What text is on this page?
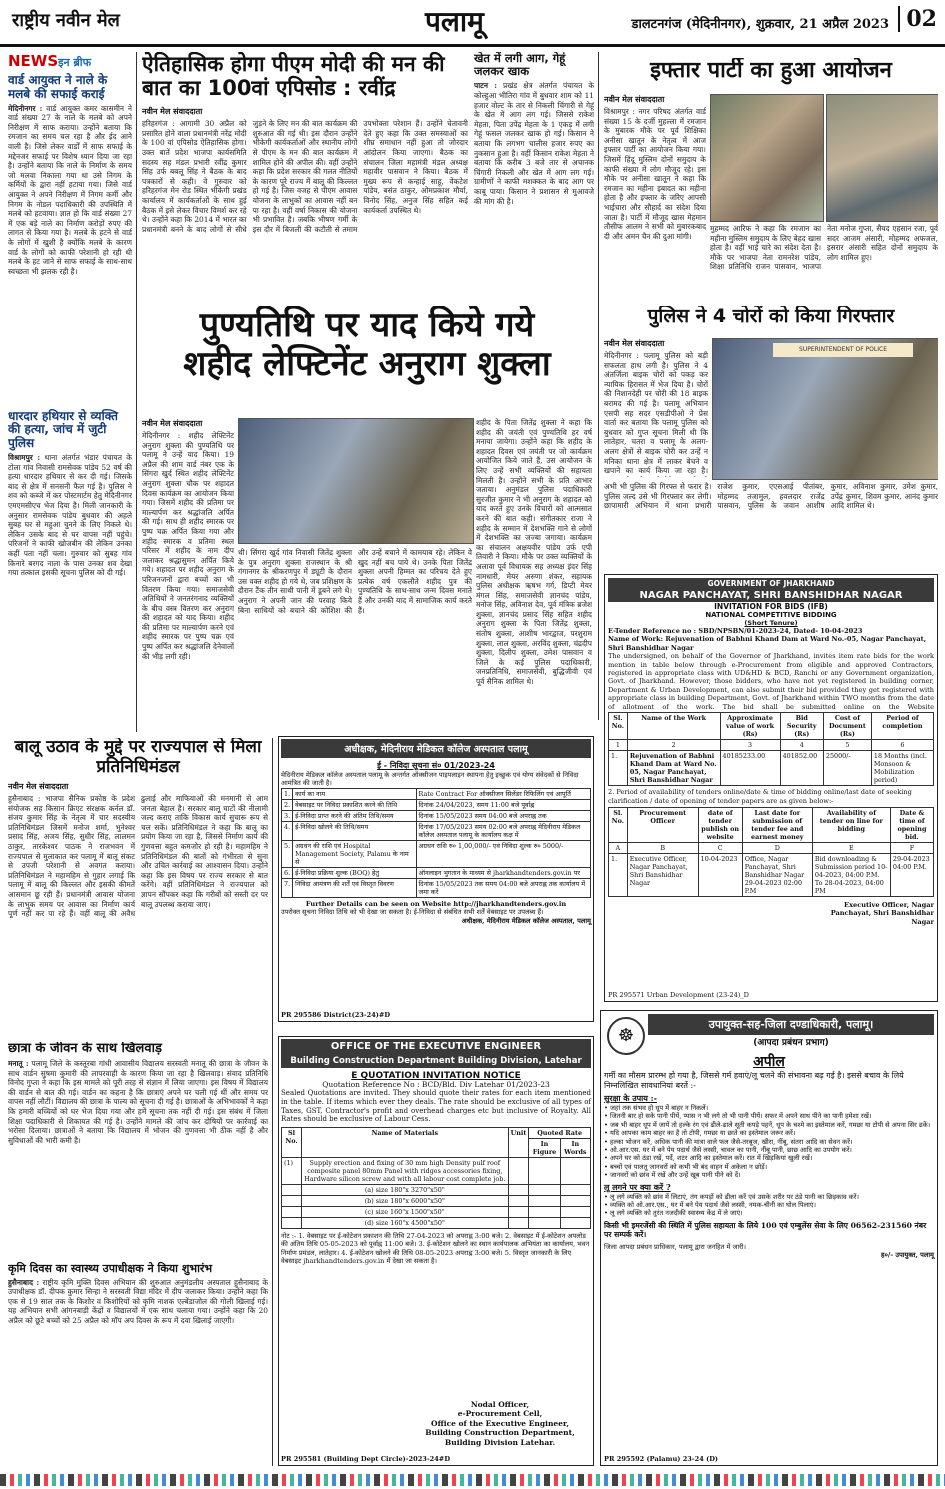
राष्ट्रीय नवीन मेल	पलामू	डालटनगंज (मेदिनीनगर), शुक्रवार, 21 अप्रैल 2023 02
NEWSइन ब्रीफ
वार्ड आयुक्त ने नाले के मलबे की सफाई कराई
मेदिनीनगर : वार्ड आयुक्त कमर कासमीन ने वार्ड संख्या 27 के नाले के मलबे को अपने निरीक्षण में साफ कराया। उन्होंने बताया कि रमजान का समय चल रहा है और ईद आने वाली है। जिसे लेकर वार्डों में साफ सफाई के मद्देनजर सफाई पर विशेष ध्यान दिया जा रहा है। उन्होंने बताया कि नाले के निर्माण के समय जो मलवा निकाला गया था उसे निगम के कर्मियों के द्वारा नहीं हटाया गया। जिसे वार्ड आयुक्त ने अपने निरीक्षण में निगम कर्मी और निगम के नोडल पदाधिकारी की उपस्थिति में मलबे को हटवाया। ज्ञात हो कि वार्ड संख्या 27 में एक बड़े नाले का निर्माण करोड़ों रुपए की लागत से किया गया है। मलबे के हटने से वार्ड के लोगों में खुशी है क्योंकि मलबे के कारण वार्ड के लोगों को काफी परेशानी हो रही थी मलबे के हट जाने से साफ सफाई के साथ-साथ स्वच्छता भी झलक रही है।
धारदार हथियार से व्यक्ति की हत्या, जांच में जुटी पुलिस
विश्रामपुर : थाना अंतर्गत भंडार पंचायत के टोला गांव निवासी रामसेवक पांडेय 52 वर्ष की हत्या धारदार हथियार से कर दी गई। जिसके बाद से क्षेत्र में सनसनी फैल गई है। पुलिस ने शव को कब्जे में कर पोस्टमार्टम हेतु मेदिनीनगर एमएमसीएच भेज दिया है। मिली जानकारी के अनुसार रामसेवक पांडेय बुधवार की अहले सुबह घर से महुआ चुनने के लिए निकले थे। लेकिन उसके बाद से घर वापस नहीं पहुंचे। परिजनों ने काफी खोजबीन की लेकिन उनका कहीं पता नहीं चला। गुरुवार को सुबह गांव किनारे बरगद नाला के पास उनका शव देखा गया तत्काल इसकी सूचना पुलिस को दी गई।
ऐतिहासिक होगा पीएम मोदी की मन की बात का 100वां एपिसोड : रवींद्र
नवीन मेल संवाददाता
हरिहरगंज : आगामी 30 अप्रैल को प्रसारित होने वाला प्रधानमंत्री नरेंद्र मोदी के 100 वां एपिसोड ऐतिहासिक होगा। उक्त बातें प्रदेश भाजपा कार्यसमिति सदस्य सह मंडल प्रभारी रवींद्र कुमार सिंह उर्फ बबलू सिंह ने बैठक के बाद पत्रकारों से कही। वे गुरुवार को हरिहरगंज मेन रोड स्थित भीकेगी प्रखंड कार्यालय में कार्यकर्ताओं के साथ हुई बैठक में इसे लेकर विचार विमर्श कर रहे थे। उन्होंने कहा कि 2014 में भारत का प्रधानमंत्री बनने के बाद लोगों से सीधे जुड़ने के लिए मन की बात कार्यक्रम की शुरुआत की गई थी। इस दौरान उन्होंने भीकेगी कार्यकर्ताओं और स्थानीय लोगों से पीएम के मन की बात कार्यक्रम में शामिल होने की अपील की। वहीं उन्होंने कहा कि प्रदेश सरकार की गलत नीतियों के कारण पूरे राज्य में बालू की किल्लत हो गई है। जिस वजह से पीएम आवास योजना के लाभुकों का आवास नहीं बन पा रहा है। वहीं वर्षा निकास की योजना भी प्रभावित है। जबकि भीषण गर्मी के इस दौर में बिजली की कटौती से तमाम उपभोक्ता परेशान हैं। उन्होंने चेतावनी देते हुए कहा कि उक्त समस्याओं का शीघ्र समाधान नहीं हुआ तो जोरदार आंदोलन किया जाएगा। बैठक का संचालन जिला महामंत्री मंडल अध्यक्ष महावीर पासवान ने किया। बैठक में मुख्य रूप से कन्हाई साहू, वेंकटेश पांडेय, बसंत ठाकुर, ओमप्रकाश मौर्या, विनोद सिंह, अनुज सिंह सहित कई कार्यकर्ता उपस्थित थे।
खेत में लगी आग, गेहूं जलकर खाक
पाटन : प्रखंड क्षेत्र अंतर्गत पंचायत के कोल्हुआ भीतिरा गांव में बुधवार शाम को 11 हजार वोल्ट के तार से निकली चिंगारी से गेहूं के खेत में आग लग गई। जिससे राकेश मेहता, पिता उपेंद्र मेहता के 1 एकड़ में लगी गेहूं फसल जलकर खाक हो गई। किसान ने बताया कि लगभग चालीस हजार रुपए का नुकसान हुआ है। वहीं किसान राकेश मेहता ने बताया कि करीब 3 बजे तार से अचानक चिंगारी निकली और खेत में आग लग गई। ग्रामीणों ने काफी मशक्कत के बाद आग पर काबू पाया। किसान ने प्रशासन से मुआवजे की मांग की है।
इफ्तार पार्टी का हुआ आयोजन
नवीन मेल संवाददाता
विश्रामपुर : नगर परिषद अंतर्गत वार्ड संख्या 15 के दर्जी मुहल्ला में रमजान के मुबारक मौके पर पूर्व शिक्षिका अनीसा खातून के नेतृत्व में आज इफ्तार पार्टी का आयोजन किया गया। जिसमें हिंदू मुस्लिम दोनों समुदाय के काफी संख्या में लोग मौजूद रहे। इस मौके पर अनीसा खातून ने कहा कि रमजान का महीना इबादत का महीना होता है और इफ्तार के जरिए आपसी भाईचारा और सौहार्द का संदेश दिया जाता है। पार्टी में मौजूद खास मेहमान तौसीफ आलम ने सभी को मुबारकबाद दी और अमन चैन की दुआ मांगी।
मुहम्मद आरिफ ने कहा कि रमजान का महीना मुस्लिम समुदाय के लिए बेहद खास होता है। वहीं भाई चारे का संदेश देता है। मौके पर भाजपा नेता रामनरेश पांडेय, शिक्षा प्रतिनिधि राजन पासवान, भाजपा नेता मनोज गुप्ता, सैयद एहसान रजा, पूर्व सदर आजम अंसारी, मोहम्मद अफजल, इसरार अंसारी सहित दोनों समुदाय के लोग शामिल हुए।
पुण्यतिथि पर याद किये गये
शहीद लेफ्टिनेंट अनुराग शुक्ला
नवीन मेल संवाददाता
मेदिनीनगर : शहीद लेफ्टिनेंट अनुराग शुक्ला की पुण्यतिथि पर पलामू ने उन्हें याद किया। 19 अप्रैल की शाम वार्ड नंबर एक के सिंगरा खुर्द स्थित शहीद लेफ्टिनेंट अनुराग शुक्ला चौक पर शहादत दिवस कार्यक्रम का आयोजन किया गया। जिसमें शहीद की प्रतिमा पर माल्यार्पण कर श्रद्धांजलि अर्पित की गई। साथ ही शहीद स्मारक पर पुष्प चक्र अर्पित किया गया और शहीद स्मारक व प्रतिमा स्थल परिसर में शहीद के नाम दीप जलाकर श्रद्धासुमन अर्पित किये गये। शहादत पर शहीद अनुराग के परिजनजनों द्वारा बच्चों का भी वितरण किया गया। समाजसेवी अतिथियों ने जनतरंगनाद व्यक्तियों के बीच वस्त्र वितरण कर अनुराग की शहादत को याद किया। शहीद की प्रतिमा पर माल्यार्पण करने एवं शहीद स्मारक पर पुष्प चक्र एवं पुष्प अर्पित कर श्रद्धांजलि देनेवालों की भीड़ लगी रही।
थी। सिंगरा खुर्द गांव निवासी जितेंद्र शुक्ला के पुत्र अनुराग शुक्ला राजस्थान के श्री गंगानगर के श्रीकरणपुर में ड्यूटी के दौरान उस वक्त शहीद हो गये थे, जब प्रशिक्षण के दौरान टैंक तीन साथी पानी में डूबने लगे थे। अनुराग ने अपनी जान की परवाह किये बिना साथियों को बचाने की कोशिश की और उन्हें बचाने में कामयाब रहे। लेकिन वे खुद नहीं बच पाये थे। उनके पिता जितेंद्र शुक्ला अपनी हिम्मत का परिचय देते हुए प्रत्येक वर्ष एकलौते शहीद पुत्र की पुण्यतिथि के साथ-साथ जन्म दिवस मनाते हैं और उनकी याद में सामाजिक कार्य करते हैं।
शहीद के पिता जितेंद्र शुक्ला ने कहा कि शहीद की जयंती एवं पुण्यतिथि हर वर्ष मनाया जायेगा। उन्होंने कहा कि शहीद के शहादत दिवस एवं जयंती पर जो कार्यक्रम आयोजित किये जाते हैं, उस आयोजन के लिए उन्हें सभी व्यक्तियों की सहायता मिलती है। उन्होंने सभी के प्रति आभार जताया। अनुमंडल पुलिस पदाधिकारी सुरजीत कुमार ने भी अनुराग के शहादत को याद करते हुए उनके विचारों को आत्मसात करने की बात कही। संगीतकार राजा ने शहीद के सम्मान में देशभक्ति गाने से लोगों में देशभक्ति का जज्बा जगाया। कार्यक्रम का संचालन अक्षयवीर पांडेय उर्फ एपी तिवारी ने किया। मौके पर उक्त व्यक्तियों के अलावा पूर्व विधायक सह अध्यक्ष इंदर सिंह नामधारी, मेयर अरुणा शंकर, सहायक पुलिस अधीक्षक ऋषभ गर्ग, डिप्टी मेयर मंगल सिंह, समाजसेवी ज्ञानचंद पांडेय, मनोज सिंह, अविनाश देव, पूर्व मंत्रिक ब्रजेश शुक्ला, ज्ञानचंद प्रसाद सिंह सहित शहीद अनुराग शुक्ला के पिता जितेंद्र शुक्ला, संतोष शुक्ला, आशीष भारद्वाज, परशुराम शुक्ला, लाल शुक्ला, अरविंद शुक्ला, चंद्रदीप शुक्ला, दिलीप शुक्ला, उमेश पासवान व जिले के कई पुलिस पदाधिकारी, जनप्रतिनिधि, समाजसेवी, बुद्धिजीवी एवं पूर्व सैनिक शामिल थे।
पुलिस ने 4 चोरों को किया गिरफ्तार
नवीन मेल संवाददाता
मेदिनीनगर : पलामू पुलिस को बड़ी सफलता हाथ लगी है। पुलिस ने 4 अंतर्जिला बाइक चोरों को पकड़ कर न्यायिक हिरासत में भेज दिया है। चोरों की निशानदेही पर चोरी की 18 बाइक बरामद की गई है। पलामू अभियान एसपी सह सदर एसडीपीओ ने प्रेस वार्ता कर बताया कि पलामू पुलिस को बुधवार को गुप्त सूचना मिली थी कि लातेहार, चतरा व पलामू के अलग-अलग क्षेत्रों से बाइक चोरी कर उन्हें न मनिका थाना क्षेत्र में लाकर बेचने व खपाने का कार्य किया जा रहा है।
SUPERINTENDENT OF POLICE
अभी भी पुलिस की गिरफ्त से फरार है। पुलिस जल्द उसे भी गिरफ्तार कर लेगी। छापामारी अभियान में थाना प्रभारी राजेश कुमार, एएसआई पीतांबर, मोहम्मद तजामुल, हवलदार राजेंद्र पासवान, पुलिस के जवान आशीष कुमार, अविनाश कुमार, उमेश कुमार, उपेंद्र कुमार, शिवम कुमार, आनंद कुमार आदि शामिल थे।
GOVERNMENT OF JHARKHAND
NAGAR PANCHAYAT, SHRI BANSHIDHAR NAGAR
INVITATION FOR BIDS (IFB)
NATIONAL COMPETITIVE BIDDING
(Short Tenure)
E-Tender Reference no : SBD/NPSBN/01-2023-24, Dated- 10-04-2023
Name of Work: Rejuvenation of Babhni Khand Dam at Ward No.-05, Nagar Panchayat, Shri Banshidhar Nagar
The undersigned, on behalf of the Governor of Jharkhand, invites item rate bids for the work mention in table below through e-Procurement from eligible and approved Contractors, registered in appropriate class with UD&HD & BCD, Ranchi or any Government organization, Govt. of Jharkhand. However, those bidders, who have not yet registered in building corner, Department & Urban Development, can also submit their bid provided they get registered with appropriate class in building Department, Govt. of Jharkhand within TWO months from the date of allotment of the work. The bid shall be submitted online on the Website
Sl. No.	Name of the Work	Approximate value of work (Rs)	Bid Security (Rs)	Cost of Document (Rs)	Period of completion
1	2	3	4	5	6
1.	Rejuvenation of Babhni Khand Dam at Ward No. 05, Nagar Panchayat, Shri Banshidhar Nagar	40185233.00	401852.00	25000/-	18 Months (incl. Monsoon & Mobilization period)
2. Period of availability of tenders online/date & time of bidding online/last date of seeking clarification / date of opening of tender papers are as given below:-
Sl. No.	Procurement Officer	date of tender publish on website	Last date for submission of tender fee and earnest money	Availability of tender on line for bidding	Date & time of opening bid.
A	B	C	D	E	F
1.	Executive Officer, Nagar Panchayat, Shri Banshidhar Nagar	10-04-2023	Office, Nagar Panchayat, Shri Banshidhar Nagar 29-04-2023 02:00 P.M	Bid downloading & Submission period 10-04-2023, 04:00 P.M. To 28-04-2023, 04:00 PM	29-04-2023 04:00 P.M.
Executive Officer, Nagar Panchayat, Shri Banshidhar Nagar
PR 295571 Urban Development (23-24)_D
बालू उठाव के मुद्दे पर राज्यपाल से मिला प्रतिनिधिमंडल
नवीन मेल संवाददाता
हुसैनाबाद : भाजपा सैनिक प्रकोष्ठ के प्रदेश संयोजक सह किसान क्रिएट संरक्षक कर्नल डॉ. संजय कुमार सिंह के नेतृत्व में चार सदस्यीय प्रतिनिधिमंडल जिसमें मनोज शर्मा, भुनेश्वर प्रसाद सिंह, अजय सिंह, सुधीर सिंह, लालमन ठाकुर, तारकेश्वर पाठक ने राजभवन में राज्यपाल से मुलाकात कर पलामू में बालू संकट से उपजी परेशानी से अवगत कराया। प्रतिनिधिमंडल ने महामहिम से गुहार लगाई कि पलामू में बालू की किल्लत और इसकी कीमतें आसमान छू रही हैं। प्रधानमंत्री आवास योजना के लाभुक समय पर आवास का निर्माण कार्य पूर्ण नहीं कर पा रहे हैं। वहीं बालू की अवैध ढुलाई और माफियाओं की मनमानी से आम जनता बेहाल है। सरकार बालू घाटों की नीलामी जल्द कराए ताकि विकास कार्य सुचारू रूप से चल सकें। प्रतिनिधिमंडल ने कहा कि बालू का प्रयोग किया जा रहा है, जिससे निर्माण कार्य की गुणवत्ता बहुत कमजोर हो रही है। महामहिम ने प्रतिनिधिमंडल की बातों को गंभीरता से सुना और उचित कार्रवाई का आश्वासन दिया। उन्होंने कहा कि इस विषय पर राज्य सरकार से बात करेंगे। वहीं प्रतिनिधिमंडल ने राज्यपाल को ज्ञापन सौंपकर कहा कि गरीबों को सस्ती दर पर बालू उपलब्ध कराया जाए।
अधीक्षक, मेदिनीराय मेडिकल कॉलेज अस्पताल पलामू
ई - निविदा सूचना सं० 01/2023-24
मेदिनीराय मेडिकल कॉलेज अस्पताल पलामू के अन्तर्गत ऑक्सीजन पाइपलाइन स्थापना हेतु इच्छुक एवं योग्य संवेदकों से निविदा आमंत्रित की जाती है।
1.	कार्य का नाम	Rate Contract For ऑक्सीजन सिलेंडर रिफिलिंग एवं आपूर्ति
2.	वेबसाइट पर निविदा प्रकाशित करने की तिथि	दिनांक 24/04/2023, समय 11:00 बजे पूर्वाह्न
3.	ई-निविदा प्राप्त करने की अंतिम तिथि/समय	दिनांक 15/05/2023 समय 04:00 बजे अपराह्न तक
4.	ई-निविदा खोलने की तिथि/समय	दिनांक 17/05/2023 समय 02:00 बजे अपराह्न मेदिनीराय मेडिकल कॉलेज अस्पताल पलामू के कार्यालय कक्ष में
5.	अग्रधन की राशि एवं Hospital Management Society, Palamu के नाम से	अग्रधन राशि रु० 1,00,000/- एवं निविदा शुल्क रु० 5000/-
6.	ई-निविदा प्रक्रिया शुल्क (BOQ) हेतु	ऑनलाइन भुगतान के माध्यम से jharkhandtenders.gov.in पर
7.	निविदा आमंत्रण की शर्तें एवं विस्तृत विवरण	दिनांक 15/05/2023 तक समय 04:00 बजे अपराह्न तक कार्यालय में जमा करें
Further Details can be seen on Website http://jharkhandtenders.gov.in
उपरोक्त सूचना निविदा तिथि को भी देखा जा सकता है। ई-निविदा से संबंधित सभी शर्तें वेबसाइट पर उपलब्ध हैं।
अधीक्षक, मेदिनीराय मेडिकल कॉलेज अस्पताल, पलामू
PR 295586 District(23-24)#D
छात्रा के जीवन के साथ खिलवाड़
मनातू : पलामू जिले के कस्तूरबा गांधी आवासीय विद्यालय सरस्वती मनातू की छात्रा के जीवन के साथ वार्डन सुषमा कुमारी की लापरवाही के कारण किया जा रहा है खिलवाड़। संवाद प्रतिनिधि विनोद गुप्ता ने कहा कि इस मामले को पूरी तरह से संज्ञान में लिया जाएगा। इस विषय में विद्यालय की वार्डन से बात की गई। वार्डन का कहना है कि छात्राएं अपने घर चली गई थीं और समय पर वापस नहीं लौटीं। विद्यालय की छात्रा के पाल्य को सूचना दी गई है। छात्राओं के अभिभावकों ने कहा कि हमारी बच्चियों को घर भेज दिया गया और हमें सूचना तक नहीं दी गई। इस संबंध में जिला शिक्षा पदाधिकारी से शिकायत की गई है। उन्होंने मामले की जांच कर दोषियों पर कार्रवाई का भरोसा दिलाया। छात्राओं ने बताया कि विद्यालय में भोजन की गुणवत्ता भी ठीक नहीं है और सुविधाओं की भारी कमी है।
कृमि दिवस का स्वास्थ्य उपाधीक्षक ने किया शुभारंभ
हुसैनाबाद : राष्ट्रीय कृमि मुक्ति दिवस अभियान की शुरुआत अनुमंडलीय अस्पताल हुसैनाबाद के उपाधीक्षक डॉ. दीपक कुमार सिन्हा ने सरस्वती विद्या मंदिर में दीप जलाकर किया। उन्होंने कहा कि एक से 19 साल तक के किशोर व किशोरियों को कृमि नाशक एल्बेंडाजोल की गोली खिलाई गई। यह अभियान सभी आंगनबाड़ी केंद्रों व विद्यालयों में एक साथ चलाया गया। उन्होंने कहा कि 20 अप्रैल को छूटे बच्चों को 25 अप्रैल को मॉप अप दिवस के रूप में दवा खिलाई जाएगी।
OFFICE OF THE EXECUTIVE ENGINEER
Building Construction Department Building Division, Latehar
E QUOTATION INVITATION NOTICE
Quotation Reference No : BCD/Bld. Div Latehar 01/2023-23
Sealed Quotations are invited. They should quote their rates for each item mentioned in the table. If items which ever they deals. The rate should be exclusive of all types of Taxes, GST, Contractor's profit and overhead charges etc but inclusive of Royalty. All Rates should be exclusive of Labour Cess.
Sl No.	Name of Materials	Unit	Quoted Rate	
			In Figure	In Words
(1)	Supply erection and fixing of 30 mm high Density pulf roof composite panel 80mm Panel with ridges accessories fixing, Hardware silicon screw and with all labour cost complete job.			
	(a) size 180"x 3270"x50"			
	(b) size 180"x 6000"x50"			
	(c) size 160"x 1500"x50"			
	(d) size 160"x 4500"x50"			
नोट :- 1. वेबसाइट पर ई-कोटेशन प्रकाशन की तिथि 27-04-2023 को अपराह्न 3:00 बजे। 2. वेबसाइट में ई-कोटेशन अपलोड की अंतिम तिथि 05-05-2023 को पूर्वाह्न 11:00 बजे। 3. ई-कोटेशन खोलने का स्थान कार्यपालक अभियंता का कार्यालय, भवन निर्माण प्रमंडल, लातेहार। 4. ई-कोटेशन खोलने की तिथि 08-05-2023 अपराह्न 3:00 बजे। 5. विस्तृत जानकारी के लिए वेबसाइट jharkhandtenders.gov.in में देखा जा सकता है।
Nodal Officer,
e-Procurement Cell,
Office of the Executive Engineer,
Building Construction Department,
Building Division Latehar.
PR 295581 (Building Dept Circle)-2023-24#D
☸
उपायुक्त-सह-जिला दण्डाधिकारी, पलामू।
(आपदा प्रबंधन प्रभाग)
अपील
गर्मी का मौसम प्रारम्भ हो गया है, जिससे गर्म हवाएं/लू चलने की संभावना बढ़ गई है। इससे बचाव के लिये निम्नलिखित सावधानियां बरतें :-
सुरक्षा के उपाय :-
• जहां तक संभव हो धूप में बाहर न निकलें।
• जितनी बार हो सके पानी पीयें, प्यास न भी लगे तो भी पानी पीयें। सफर में अपने साथ पीने का पानी हमेशा रखें।
• जब भी बाहर धूप में जायें तो हल्के रंग एवं ढीले-ढाले सूती कपड़े पहनें, धूप के चश्मे का इस्तेमाल करें, गमछा या टोपी से अपना सिर ढकें।
• यदि आपका काम बाहर का है तो टोपी, गमछा या छाते का इस्तेमाल जरूर करें।
• हल्का भोजन करें, अधिक पानी की मात्रा वाले फल जैसे-तरबूज, खीरा, नींबू, संतरा आदि का सेवन करें।
• ओ.आर.एस. घर में बने पेय पदार्थ जैसे लस्सी, चावल का पानी, नींबू पानी, छाछ आदि का उपयोग करें।
• अपने घर को ठंडा रखें, पर्दे, शटर आदि का इस्तेमाल करें। रात में खिड़कियां खुली रखें।
• बच्चों एवं पालतू जानवरों को कभी भी बंद वाहन में अकेला न छोड़ें।
• जानवरों को छांव में रखें और उन्हें खूब पानी पीने को दें।
लू लगने पर क्या करें ?
• लू लगे व्यक्ति को छांव में लिटाएं, तंग कपड़ों को ढीला करें एवं उसके शरीर पर ठंडे पानी का छिड़काव करें।
• व्यक्ति को ओ.आर.एस., घर में बने पेय पदार्थ जैसे लस्सी, नमक-चीनी का घोल पिलाएं।
• लू लगे व्यक्ति को तुरंत नजदीकी स्वास्थ्य केंद्र में ले जाएं।
किसी भी इमरजेंसी की स्थिति में पुलिस सहायता के लिये 100 एवं एम्बुलेंस सेवा के लिए 06562-231560 नंबर पर सम्पर्क करें।
जिला आपदा प्रबंधन प्राधिकार, पलामू द्वारा जनहित में जारी।
ह०/- उपायुक्त, पलामू
PR 295592 (Palamu) 23-24 (D)
